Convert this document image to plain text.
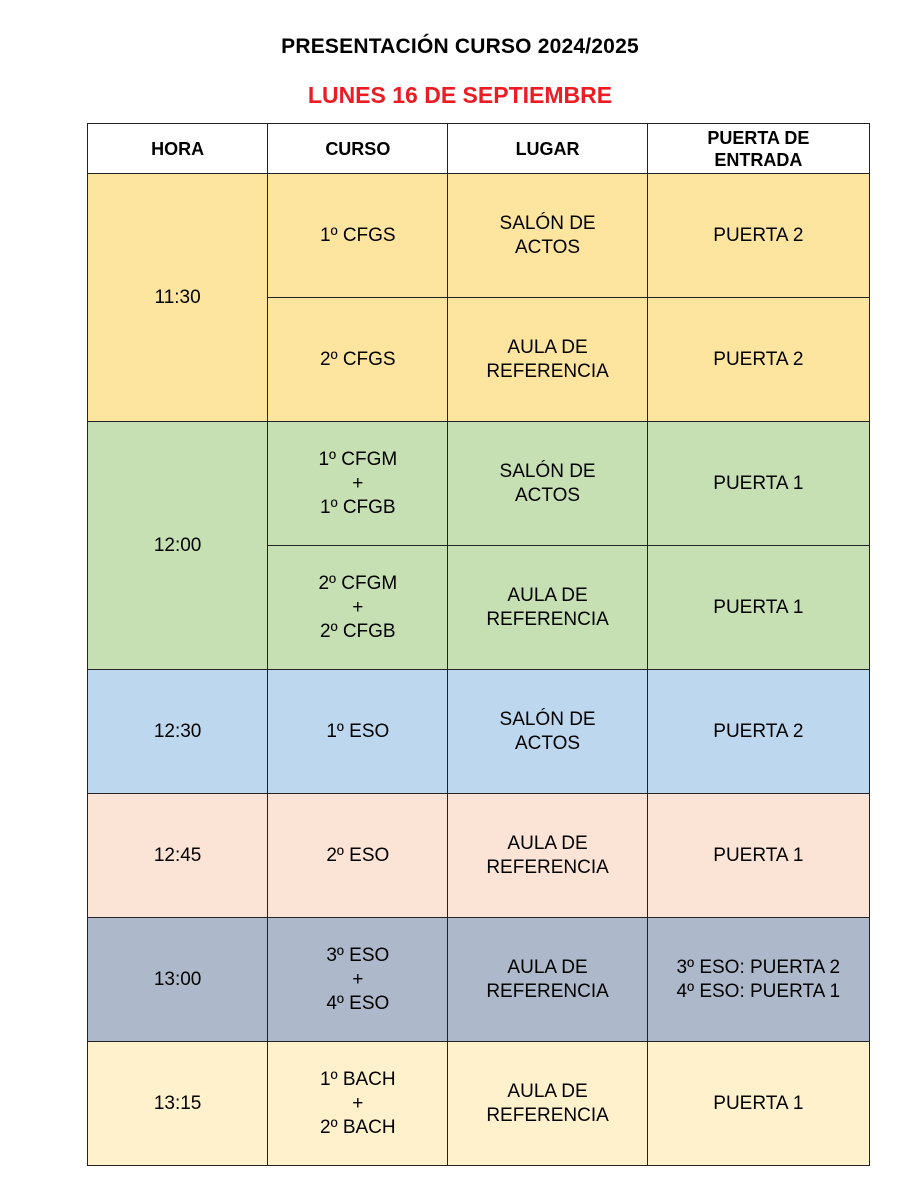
PRESENTACIÓN CURSO 2024/2025
LUNES 16 DE SEPTIEMBRE
HORA	CURSO	LUGAR	PUERTA DE
ENTRADA

11:30	1º CFGS	SALÓN DE
ACTOS	PUERTA 2

	2º CFGS	AULA DE
REFERENCIA	PUERTA 2

12:00	1º CFGM
+
1º CFGB	SALÓN DE
ACTOS	PUERTA 1

	2º CFGM
+
2º CFGB	AULA DE
REFERENCIA	PUERTA 1

12:30	1º ESO	SALÓN DE
ACTOS	PUERTA 2

12:45	2º ESO	AULA DE
REFERENCIA	PUERTA 1

13:00	3º ESO
+
4º ESO	AULA DE
REFERENCIA	3º ESO: PUERTA 2
4º ESO: PUERTA 1

13:15	1º BACH
+
2º BACH	AULA DE
REFERENCIA	PUERTA 1
